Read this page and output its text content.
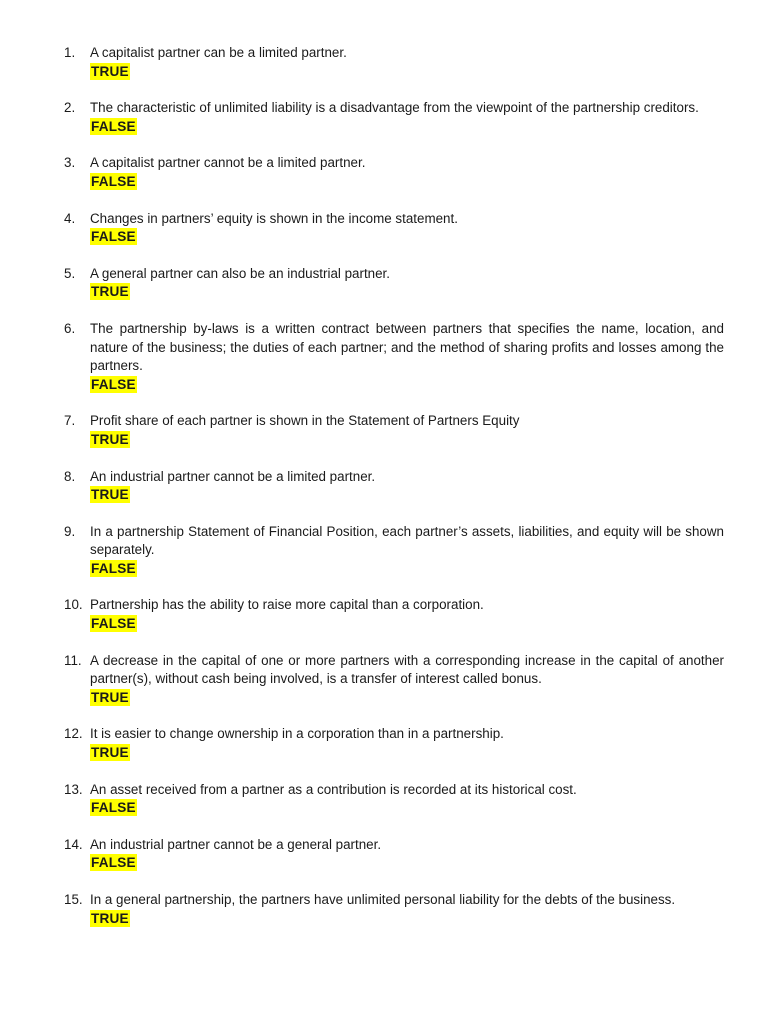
1.	A capitalist partner can be a limited partner.
TRUE
2.	The characteristic of unlimited liability is a disadvantage from the viewpoint of the partnership creditors.
FALSE
3.	A capitalist partner cannot be a limited partner.
FALSE
4.	Changes in partners’ equity is shown in the income statement.
FALSE
5.	A general partner can also be an industrial partner.
TRUE
6.	The partnership by-laws is a written contract between partners that specifies the name, location, and nature of the business; the duties of each partner; and the method of sharing profits and losses among the partners.
FALSE
7.	Profit share of each partner is shown in the Statement of Partners Equity
TRUE
8.	An industrial partner cannot be a limited partner.
TRUE
9.	In a partnership Statement of Financial Position, each partner’s assets, liabilities, and equity will be shown separately.
FALSE
10. Partnership has the ability to raise more capital than a corporation.
FALSE
11. A decrease in the capital of one or more partners with a corresponding increase in the capital of another partner(s), without cash being involved, is a transfer of interest called bonus.
TRUE
12. It is easier to change ownership in a corporation than in a partnership.
TRUE
13. An asset received from a partner as a contribution is recorded at its historical cost.
FALSE
14. An industrial partner cannot be a general partner.
FALSE
15. In a general partnership, the partners have unlimited personal liability for the debts of the business.
TRUE
